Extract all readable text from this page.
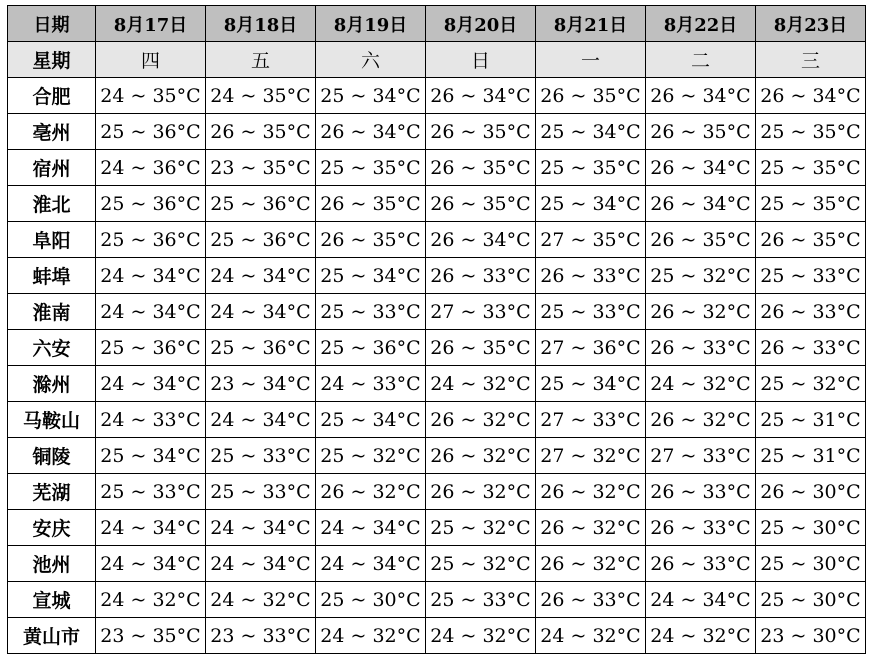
日期	8月17日	8月18日	8月19日	8月20日	8月21日	8月22日	8月23日
星期	四	五	六	日	一	二	三
合肥	24 ~ 35°C	24 ~ 35°C	25 ~ 34°C	26 ~ 34°C	26 ~ 35°C	26 ~ 34°C	26 ~ 34°C
亳州	25 ~ 36°C	26 ~ 35°C	26 ~ 34°C	26 ~ 35°C	25 ~ 34°C	26 ~ 35°C	25 ~ 35°C
宿州	24 ~ 36°C	23 ~ 35°C	25 ~ 35°C	26 ~ 35°C	25 ~ 35°C	26 ~ 34°C	25 ~ 35°C
淮北	25 ~ 36°C	25 ~ 36°C	26 ~ 35°C	26 ~ 35°C	25 ~ 34°C	26 ~ 34°C	25 ~ 35°C
阜阳	25 ~ 36°C	25 ~ 36°C	26 ~ 35°C	26 ~ 34°C	27 ~ 35°C	26 ~ 35°C	26 ~ 35°C
蚌埠	24 ~ 34°C	24 ~ 34°C	25 ~ 34°C	26 ~ 33°C	26 ~ 33°C	25 ~ 32°C	25 ~ 33°C
淮南	24 ~ 34°C	24 ~ 34°C	25 ~ 33°C	27 ~ 33°C	25 ~ 33°C	26 ~ 32°C	26 ~ 33°C
六安	25 ~ 36°C	25 ~ 36°C	25 ~ 36°C	26 ~ 35°C	27 ~ 36°C	26 ~ 33°C	26 ~ 33°C
滁州	24 ~ 34°C	23 ~ 34°C	24 ~ 33°C	24 ~ 32°C	25 ~ 34°C	24 ~ 32°C	25 ~ 32°C
马鞍山	24 ~ 33°C	24 ~ 34°C	25 ~ 34°C	26 ~ 32°C	27 ~ 33°C	26 ~ 32°C	25 ~ 31°C
铜陵	25 ~ 34°C	25 ~ 33°C	25 ~ 32°C	26 ~ 32°C	27 ~ 32°C	27 ~ 33°C	25 ~ 31°C
芜湖	25 ~ 33°C	25 ~ 33°C	26 ~ 32°C	26 ~ 32°C	26 ~ 32°C	26 ~ 33°C	26 ~ 30°C
安庆	24 ~ 34°C	24 ~ 34°C	24 ~ 34°C	25 ~ 32°C	26 ~ 32°C	26 ~ 33°C	25 ~ 30°C
池州	24 ~ 34°C	24 ~ 34°C	24 ~ 34°C	25 ~ 32°C	26 ~ 32°C	26 ~ 33°C	25 ~ 30°C
宣城	24 ~ 32°C	24 ~ 32°C	25 ~ 30°C	25 ~ 33°C	26 ~ 33°C	24 ~ 34°C	25 ~ 30°C
黄山市	23 ~ 35°C	23 ~ 33°C	24 ~ 32°C	24 ~ 32°C	24 ~ 32°C	24 ~ 32°C	23 ~ 30°C
